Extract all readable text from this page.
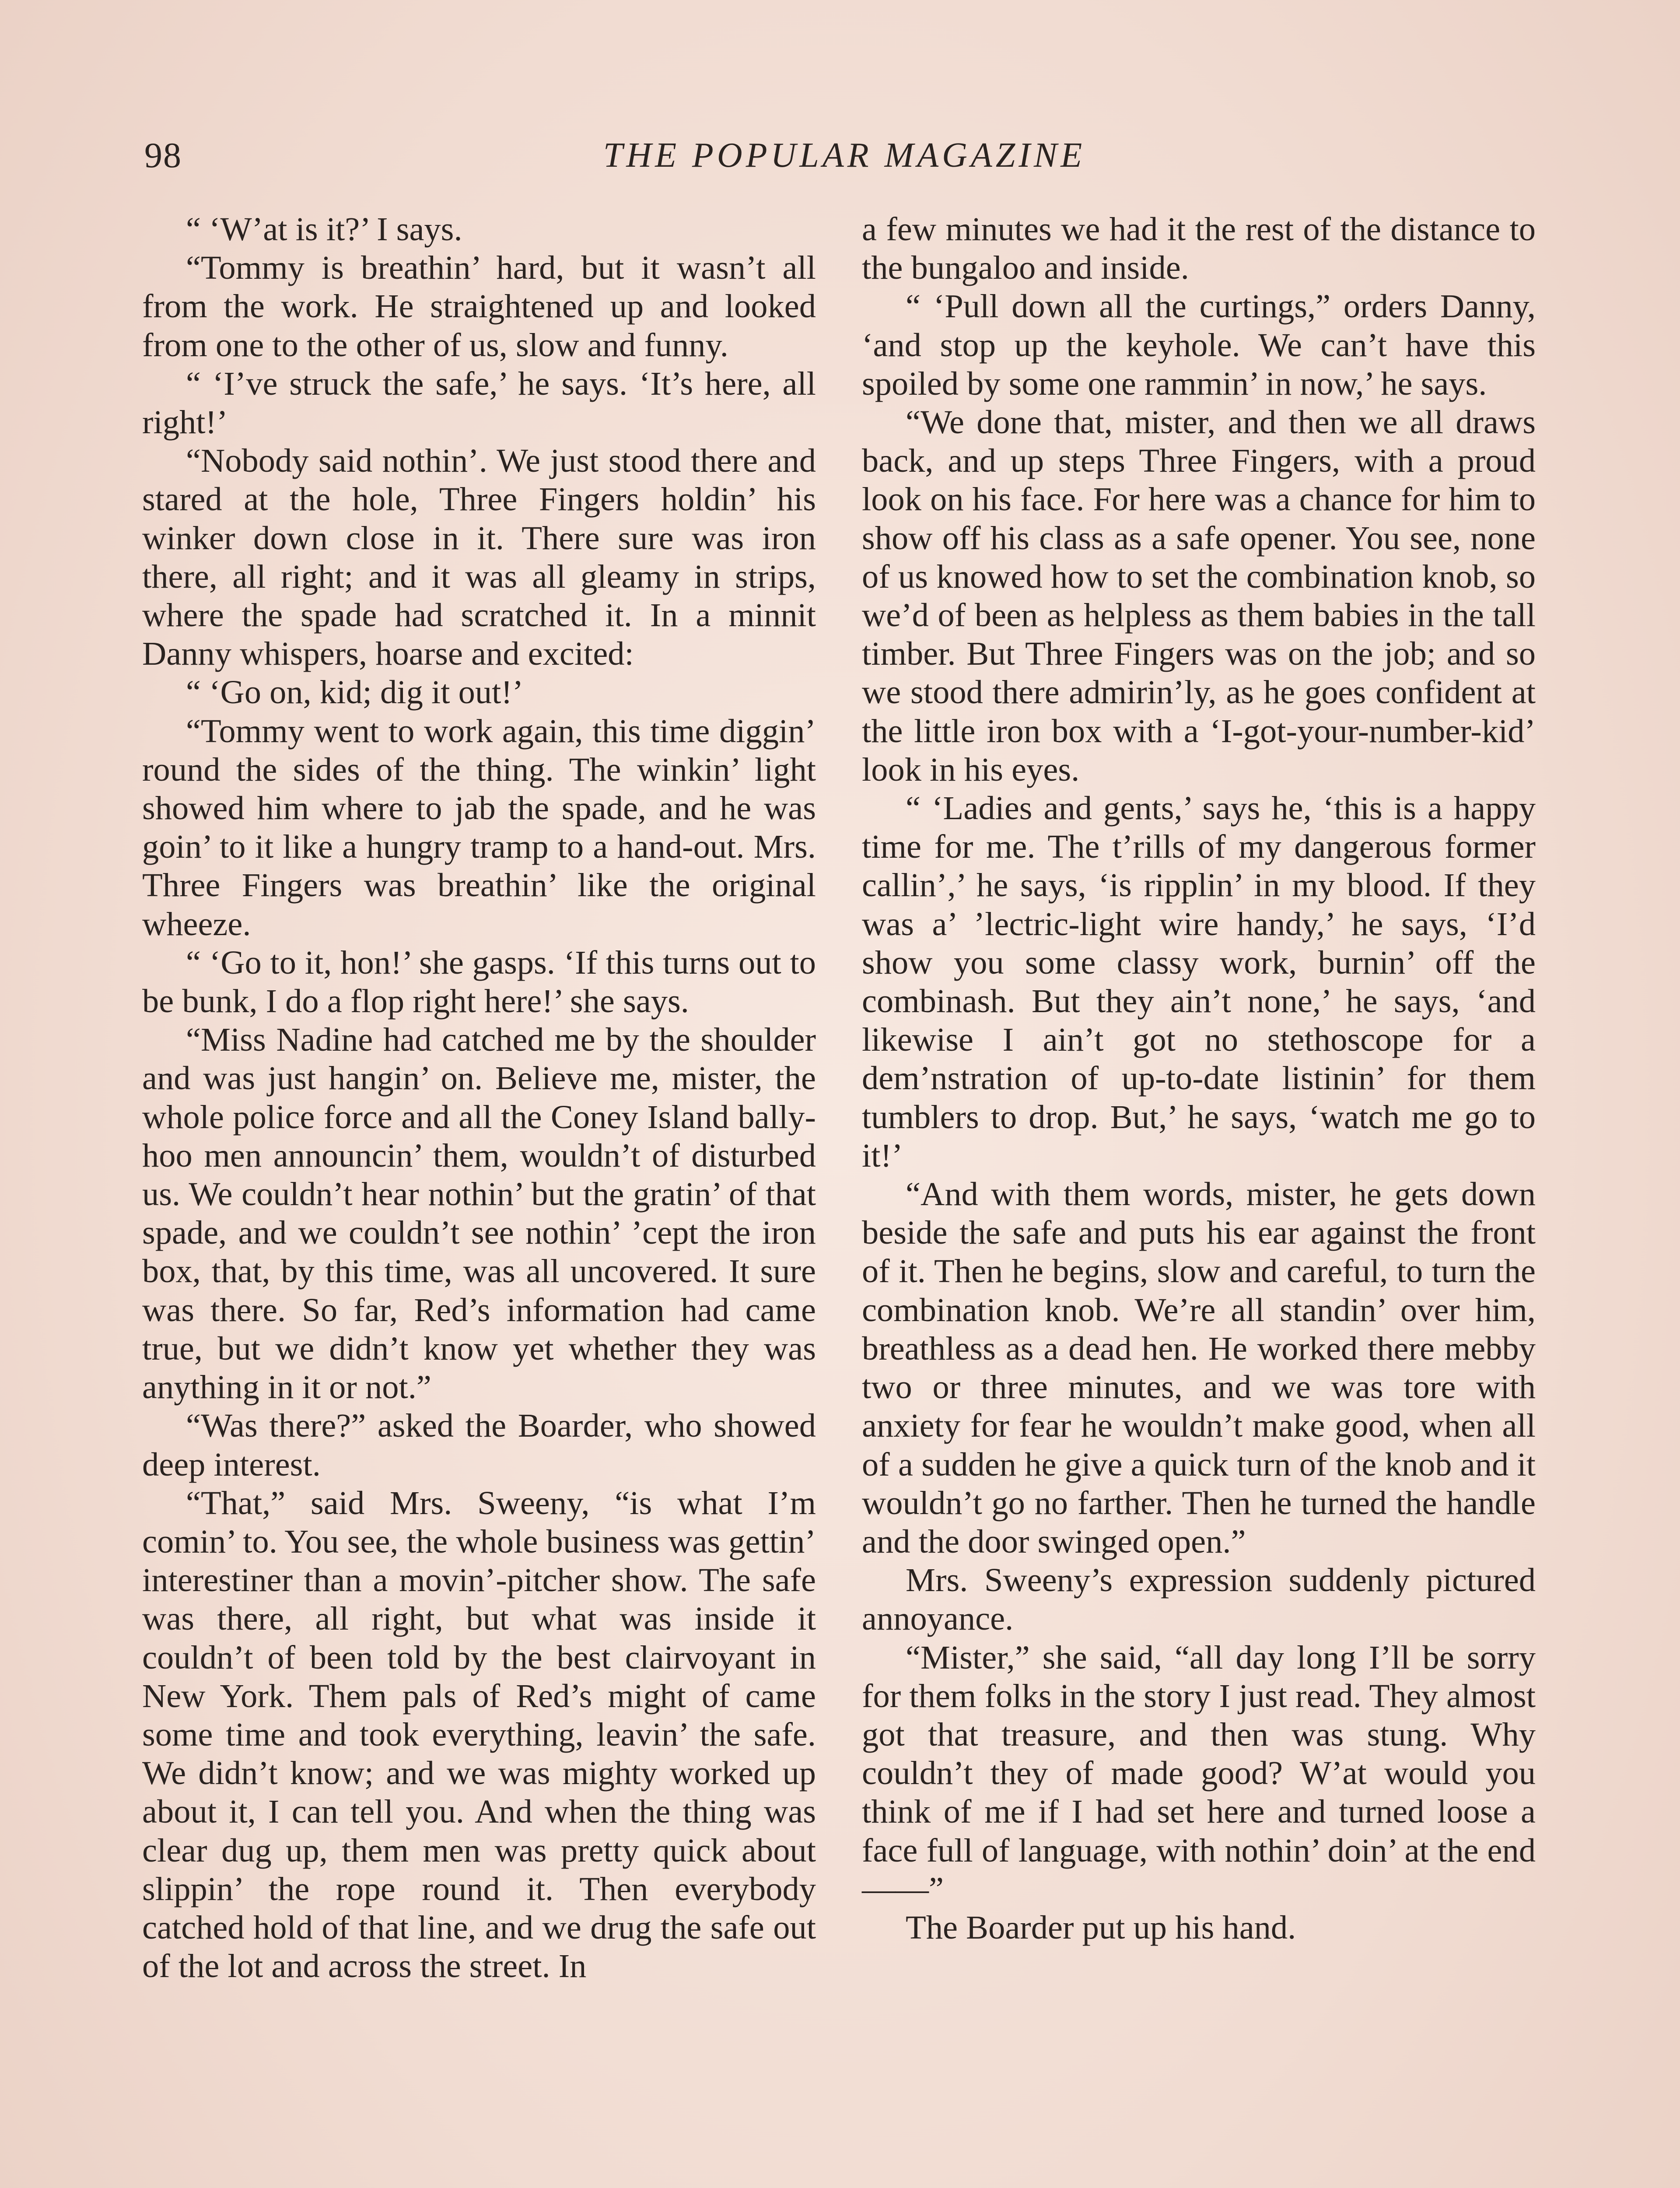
98	THE POPULAR MAGAZINE

“ ‘W’at is it?’ I says.

“Tommy is breathin’ hard, but it wasn’t all from the work. He straightened up and looked from one to the other of us, slow and funny.

“ ‘I’ve struck the safe,’ he says. ‘It’s here, all right!’

“Nobody said nothin’. We just stood there and stared at the hole, Three Fingers holdin’ his winker down close in it. There sure was iron there, all right; and it was all gleamy in strips, where the spade had scratched it. In a minnit Danny whispers, hoarse and excited:

“ ‘Go on, kid; dig it out!’

“Tommy went to work again, this time diggin’ round the sides of the thing. The winkin’ light showed him where to jab the spade, and he was goin’ to it like a hungry tramp to a hand-out. Mrs. Three Fingers was breathin’ like the original wheeze.

“ ‘Go to it, hon!’ she gasps. ‘If this turns out to be bunk, I do a flop right here!’ she says.

“Miss Nadine had catched me by the shoulder and was just hangin’ on. Believe me, mister, the whole police force and all the Coney Island bally-hoo men announcin’ them, wouldn’t of disturbed us. We couldn’t hear nothin’ but the gratin’ of that spade, and we couldn’t see nothin’ ’cept the iron box, that, by this time, was all uncovered. It sure was there. So far, Red’s information had came true, but we didn’t know yet whether they was anything in it or not.”

“Was there?” asked the Boarder, who showed deep interest.

“That,” said Mrs. Sweeny, “is what I’m comin’ to. You see, the whole business was gettin’ interestiner than a movin’-pitcher show. The safe was there, all right, but what was inside it couldn’t of been told by the best clairvoyant in New York. Them pals of Red’s might of came some time and took everything, leavin’ the safe. We didn’t know; and we was mighty worked up about it, I can tell you. And when the thing was clear dug up, them men was pretty quick about slippin’ the rope round it. Then everybody catched hold of that line, and we drug the safe out of the lot and across the street. In

a few minutes we had it the rest of the distance to the bungaloo and inside.

“ ‘Pull down all the curtings,” orders Danny, ‘and stop up the keyhole. We can’t have this spoiled by some one rammin’ in now,’ he says.

“We done that, mister, and then we all draws back, and up steps Three Fingers, with a proud look on his face. For here was a chance for him to show off his class as a safe opener. You see, none of us knowed how to set the combination knob, so we’d of been as helpless as them babies in the tall timber. But Three Fingers was on the job; and so we stood there admirin’ly, as he goes confident at the little iron box with a ‘I-got-your-number-kid’ look in his eyes.

“ ‘Ladies and gents,’ says he, ‘this is a happy time for me. The t’rills of my dangerous former callin’,’ he says, ‘is ripplin’ in my blood. If they was a’ ’lectric-light wire handy,’ he says, ‘I’d show you some classy work, burnin’ off the combinash. But they ain’t none,’ he says, ‘and likewise I ain’t got no stethoscope for a dem’nstration of up-to-date listinin’ for them tumblers to drop. But,’ he says, ‘watch me go to it!’

“And with them words, mister, he gets down beside the safe and puts his ear against the front of it. Then he begins, slow and careful, to turn the combination knob. We’re all standin’ over him, breathless as a dead hen. He worked there mebby two or three minutes, and we was tore with anxiety for fear he wouldn’t make good, when all of a sudden he give a quick turn of the knob and it wouldn’t go no farther. Then he turned the handle and the door swinged open.”

Mrs. Sweeny’s expression suddenly pictured annoyance.

“Mister,” she said, “all day long I’ll be sorry for them folks in the story I just read. They almost got that treasure, and then was stung. Why couldn’t they of made good? W’at would you think of me if I had set here and turned loose a face full of language, with nothin’ doin’ at the end——”

The Boarder put up his hand.
